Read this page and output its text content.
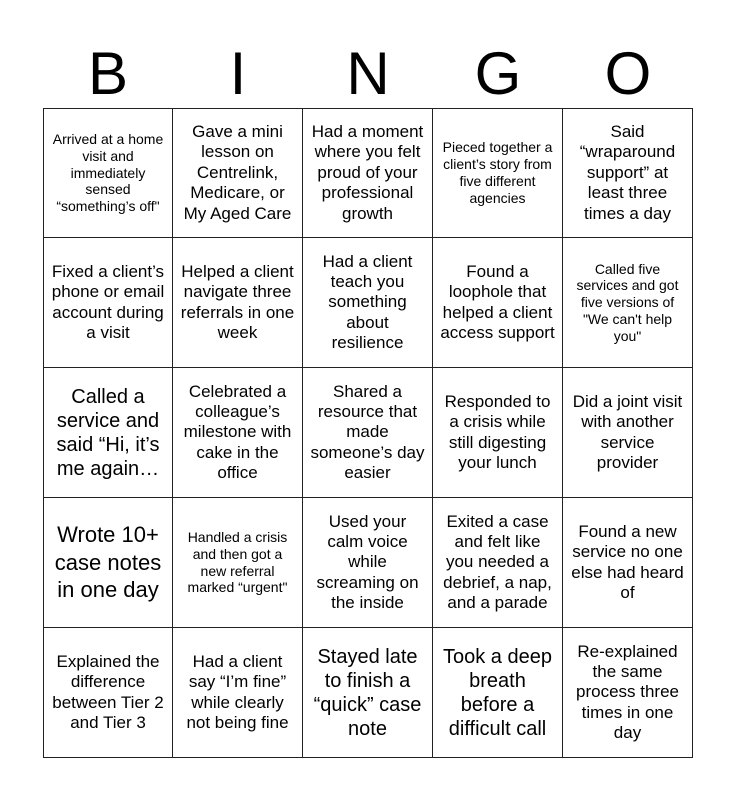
B	I	N	G	O
Arrived at a home visit and immediately sensed “something’s off"
Gave a mini lesson on Centrelink, Medicare, or My Aged Care
Had a moment where you felt proud of your professional growth
Pieced together a client’s story from five different agencies
Said “wraparound support” at least three times a day
Fixed a client’s phone or email account during a visit
Helped a client navigate three referrals in one week
Had a client teach you something about resilience
Found a loophole that helped a client access support
Called five services and got five versions of "We can't help you"
Called a service and said “Hi, it’s me again…
Celebrated a colleague’s milestone with cake in the office
Shared a resource that made someone’s day easier
Responded to a crisis while still digesting your lunch
Did a joint visit with another service provider
Wrote 10+ case notes in one day
Handled a crisis and then got a new referral marked “urgent"
Used your calm voice while screaming on the inside
Exited a case and felt like you needed a debrief, a nap, and a parade
Found a new service no one else had heard of
Explained the difference between Tier 2 and Tier 3
Had a client say “I’m fine” while clearly not being fine
Stayed late to finish a “quick” case note
Took a deep breath before a difficult call
Re-explained the same process three times in one day
